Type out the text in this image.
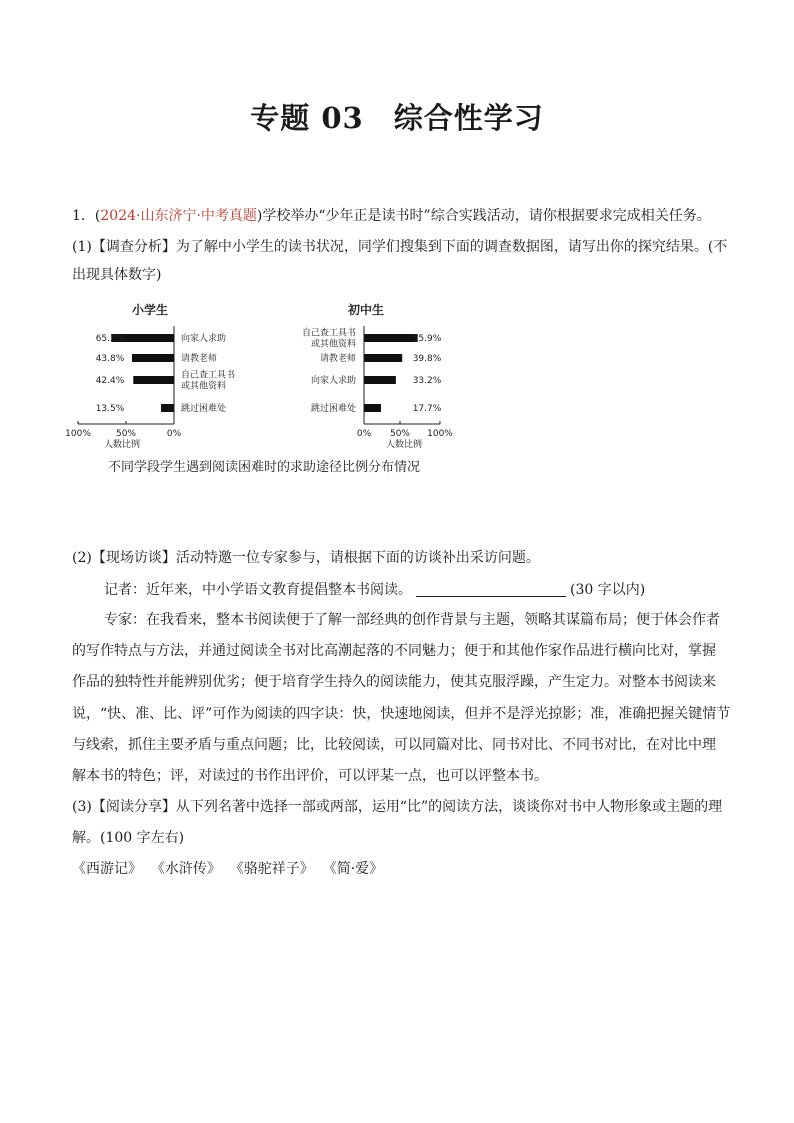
专题 03 综合性学习
1．(2024·山东济宁·中考真题)学校举办“少年正是读书时”综合实践活动，请你根据要求完成相关任务。
(1)【调查分析】为了解中小学生的读书状况，同学们搜集到下面的调查数据图，请写出你的探究结果。(不
出现具体数字)
小学生
65.3%	向家人求助
43.8%	请教老师
42.4%
自己查工具书
或其他资料
13.5%	跳过困难处
100%	50%	0%
人数比例
初中生
55.9%
自己查工具书
或其他资料
39.8%
请教老师
33.2%
向家人求助
17.7%
跳过困难处
0% 50% 100%
人数比例
不同学段学生遇到阅读困难时的求助途径比例分布情况
(2)【现场访谈】活动特邀一位专家参与，请根据下面的访谈补出采访问题。
记者：近年来，中小学语文教育提倡整本书阅读。	(30 字以内)
专家：在我看来，整本书阅读便于了解一部经典的创作背景与主题，领略其谋篇布局；便于体会作者
的写作特点与方法，并通过阅读全书对比高潮起落的不同魅力；便于和其他作家作品进行横向比对，掌握
作品的独特性并能辨别优劣；便于培育学生持久的阅读能力，使其克服浮躁，产生定力。对整本书阅读来
说，“快、准、比、评”可作为阅读的四字诀：快，快速地阅读，但并不是浮光掠影；准，准确把握关键情节
与线索，抓住主要矛盾与重点问题；比，比较阅读，可以同篇对比、同书对比、不同书对比，在对比中理
解本书的特色；评，对读过的书作出评价，可以评某一点，也可以评整本书。
(3)【阅读分享】从下列名著中选择一部或两部，运用“比”的阅读方法，谈谈你对书中人物形象或主题的理
解。(100 字左右)
《西游记》 《水浒传》 《骆驼祥子》 《简·爱》
